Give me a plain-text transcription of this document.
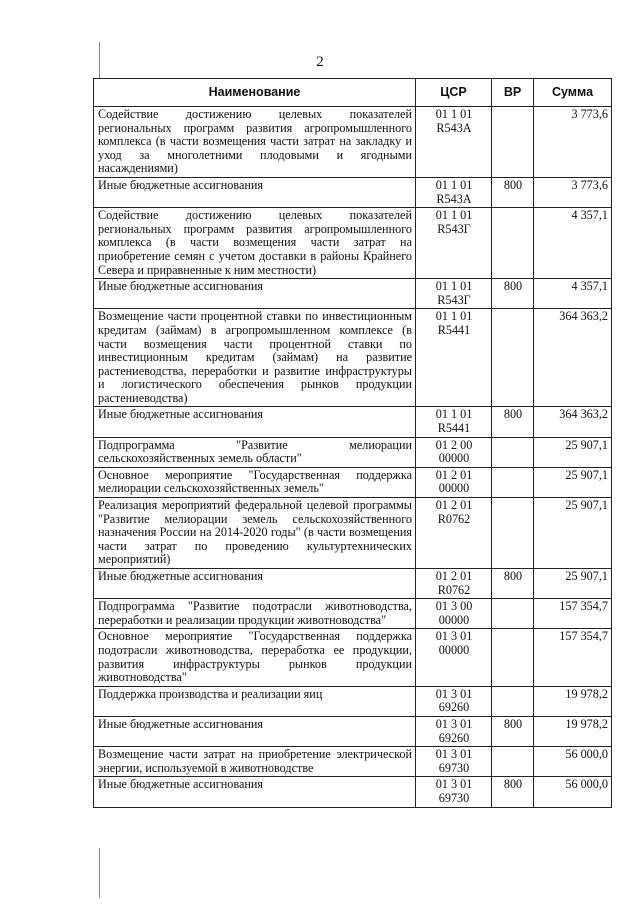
2
Наименование	ЦСР	ВР	Сумма
Содействие достижению целевых показателей региональных программ развития агропромышленного комплекса (в части возмещения части затрат на закладку и уход за многолетними плодовыми и ягодными насаждениями)	01 1 01 R543А		3 773,6
Иные бюджетные ассигнования	01 1 01 R543А	800	3 773,6
Содействие достижению целевых показателей региональных программ развития агропромышленного комплекса (в части возмещения части затрат на приобретение семян с учетом доставки в районы Крайнего Севера и приравненные к ним местности)	01 1 01 R543Г		4 357,1
Иные бюджетные ассигнования	01 1 01 R543Г	800	4 357,1
Возмещение части процентной ставки по инвестиционным кредитам (займам) в агропромышленном комплексе (в части возмещения части процентной ставки по инвестиционным кредитам (займам) на развитие растениеводства, переработки и развитие инфраструктуры и логистического обеспечения рынков продукции растениеводства)	01 1 01 R5441		364 363,2
Иные бюджетные ассигнования	01 1 01 R5441	800	364 363,2
Подпрограмма "Развитие мелиорации сельскохозяйственных земель области"	01 2 00 00000		25 907,1
Основное мероприятие "Государственная поддержка мелиорации сельскохозяйственных земель"	01 2 01 00000		25 907,1
Реализация мероприятий федеральной целевой программы "Развитие мелиорации земель сельскохозяйственного назначения России на 2014-2020 годы" (в части возмещения части затрат по проведению культуртехнических мероприятий)	01 2 01 R0762		25 907,1
Иные бюджетные ассигнования	01 2 01 R0762	800	25 907,1
Подпрограмма "Развитие подотрасли животноводства, переработки и реализации продукции животноводства"	01 3 00 00000		157 354,7
Основное мероприятие "Государственная поддержка подотрасли животноводства, переработка ее продукции, развития инфраструктуры рынков продукции животноводства"	01 3 01 00000		157 354,7
Поддержка производства и реализации яиц	01 3 01 69260		19 978,2
Иные бюджетные ассигнования	01 3 01 69260	800	19 978,2
Возмещение части затрат на приобретение электрической энергии, используемой в животноводстве	01 3 01 69730		56 000,0
Иные бюджетные ассигнования	01 3 01 69730	800	56 000,0
